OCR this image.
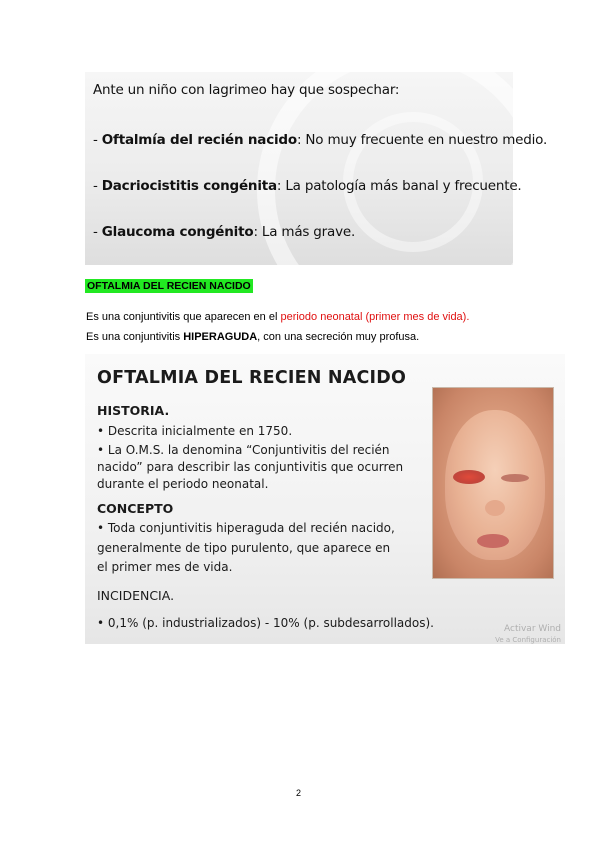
Ante un niño con lagrimeo hay que sospechar:
- Oftalmía del recién nacido: No muy frecuente en nuestro medio.
- Dacriocistitis congénita: La patología más banal y frecuente.
- Glaucoma congénito: La más grave.
OFTALMIA DEL RECIEN NACIDO
Es una conjuntivitis que aparecen en el periodo neonatal (primer mes de vida).
Es una conjuntivitis HIPERAGUDA, con una secreción muy profusa.
OFTALMIA DEL RECIEN NACIDO
HISTORIA.
• Descrita inicialmente en 1750.
• La O.M.S. la denomina “Conjuntivitis del recién
nacido” para describir las conjuntivitis que ocurren
durante el periodo neonatal.
CONCEPTO
• Toda conjuntivitis hiperaguda del recién nacido,
generalmente de tipo purulento, que aparece en
el primer mes de vida.
INCIDENCIA.
• 0,1% (p. industrializados) - 10% (p. subdesarrollados).	Activar Wind
Ve a Configuración
2
